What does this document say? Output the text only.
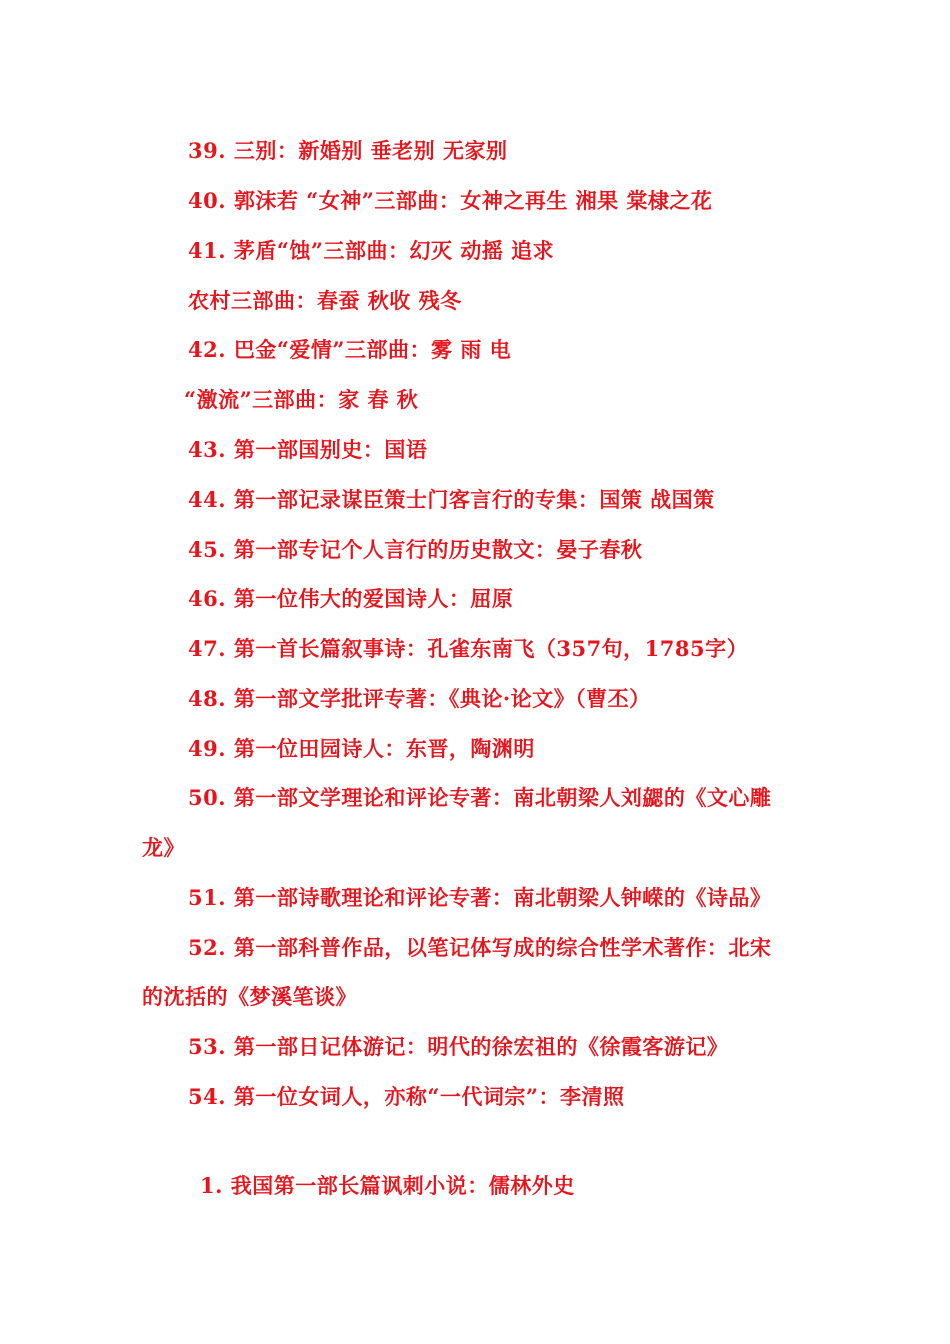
39. 三别：新婚别 垂老别 无家别
40. 郭沫若 “女神”三部曲：女神之再生 湘果 棠棣之花
41. 茅盾“蚀”三部曲：幻灭 动摇 追求
农村三部曲：春蚕 秋收 残冬
42. 巴金“爱情”三部曲：雾 雨 电
“激流”三部曲：家 春 秋
43. 第一部国别史：国语
44. 第一部记录谋臣策士门客言行的专集：国策 战国策
45. 第一部专记个人言行的历史散文：晏子春秋
46. 第一位伟大的爱国诗人：屈原
47. 第一首长篇叙事诗：孔雀东南飞（357句，1785字）
48. 第一部文学批评专著：《典论·论文》（曹丕）
49. 第一位田园诗人：东晋，陶渊明
50. 第一部文学理论和评论专著：南北朝梁人刘勰的《文心雕
龙》
51. 第一部诗歌理论和评论专著：南北朝梁人钟嵘的《诗品》
52. 第一部科普作品，以笔记体写成的综合性学术著作：北宋
的沈括的《梦溪笔谈》
53. 第一部日记体游记：明代的徐宏祖的《徐霞客游记》
54. 第一位女词人，亦称“一代词宗”：李清照
1. 我国第一部长篇讽刺小说：儒林外史
